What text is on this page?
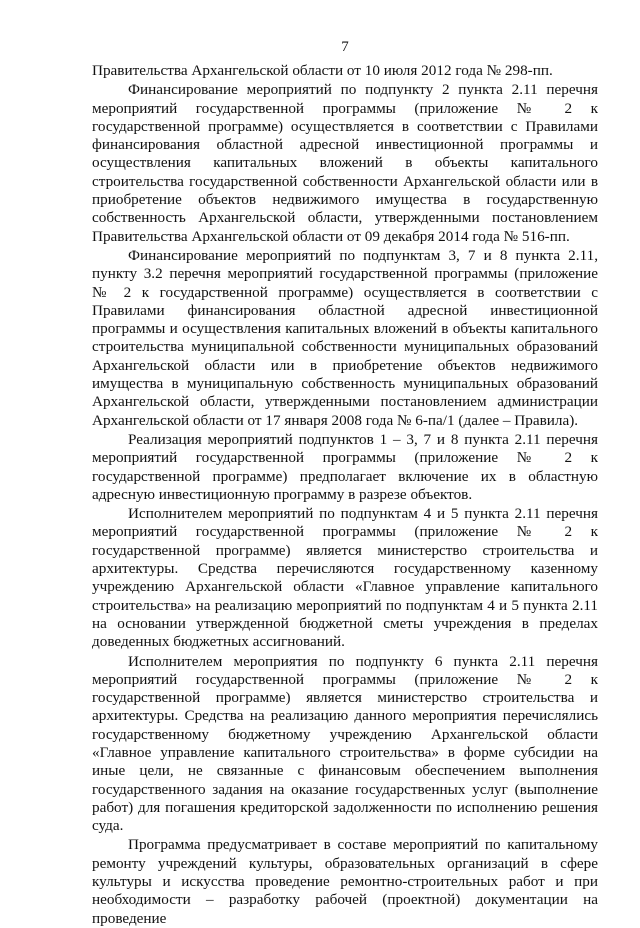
7

Правительства Архангельской области от 10 июля 2012 года № 298-пп.

Финансирование мероприятий по подпункту 2 пункта 2.11 перечня мероприятий государственной программы (приложение № 2 к государственной программе) осуществляется в соответствии с Правилами финансирования областной адресной инвестиционной программы и осуществления капитальных вложений в объекты капитального строительства государственной собственности Архангельской области или в приобретение объектов недвижимого имущества в государственную собственность Архангельской области, утвержденными постановлением Правительства Архангельской области от 09 декабря 2014 года № 516-пп.

Финансирование мероприятий по подпунктам 3, 7 и 8 пункта 2.11, пункту 3.2 перечня мероприятий государственной программы (приложение № 2 к государственной программе) осуществляется в соответствии с Правилами финансирования областной адресной инвестиционной программы и осуществления капитальных вложений в объекты капитального строительства муниципальной собственности муниципальных образований Архангельской области или в приобретение объектов недвижимого имущества в муниципальную собственность муниципальных образований Архангельской области, утвержденными постановлением администрации Архангельской области от 17 января 2008 года № 6-па/1 (далее – Правила).

Реализация мероприятий подпунктов 1 – 3, 7 и 8 пункта 2.11 перечня мероприятий государственной программы (приложение № 2 к государственной программе) предполагает включение их в областную адресную инвестиционную программу в разрезе объектов.

Исполнителем мероприятий по подпунктам 4 и 5 пункта 2.11 перечня мероприятий государственной программы (приложение № 2 к государственной программе) является министерство строительства и архитектуры. Средства перечисляются государственному казенному учреждению Архангельской области «Главное управление капитального строительства» на реализацию мероприятий по подпунктам 4 и 5 пункта 2.11 на основании утвержденной бюджетной сметы учреждения в пределах доведенных бюджетных ассигнований.

Исполнителем мероприятия по подпункту 6 пункта 2.11 перечня мероприятий государственной программы (приложение № 2 к государственной программе) является министерство строительства и архитектуры. Средства на реализацию данного мероприятия перечислялись государственному бюджетному учреждению Архангельской области «Главное управление капитального строительства» в форме субсидии на иные цели, не связанные с финансовым обеспечением выполнения государственного задания на оказание государственных услуг (выполнение работ) для погашения кредиторской задолженности по исполнению решения суда.

Программа предусматривает в составе мероприятий по капитальному ремонту учреждений культуры, образовательных организаций в сфере культуры и искусства проведение ремонтно-строительных работ и при необходимости – разработку рабочей (проектной) документации на проведение
